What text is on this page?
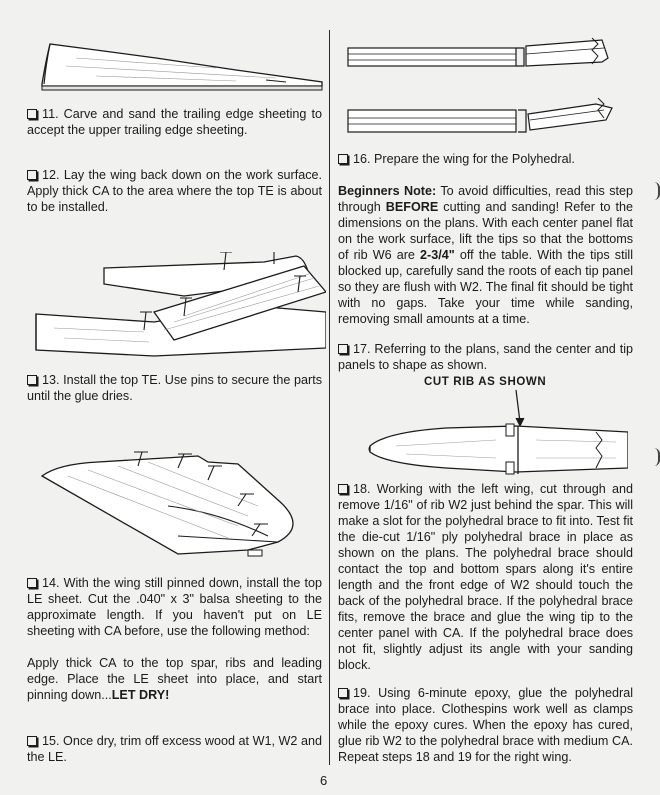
11. Carve and sand the trailing edge sheeting to accept the upper trailing edge sheeting.

12. Lay the wing back down on the work surface. Apply thick CA to the area where the top TE is about to be installed.

13. Install the top TE. Use pins to secure the parts until the glue dries.

14. With the wing still pinned down, install the top LE sheet. Cut the .040" x 3" balsa sheeting to the approximate length. If you haven't put on LE sheeting with CA before, use the following method:

Apply thick CA to the top spar, ribs and leading edge. Place the LE sheet into place, and start pinning down...LET DRY!

15. Once dry, trim off excess wood at W1, W2 and the LE.

16. Prepare the wing for the Polyhedral.

Beginners Note: To avoid difficulties, read this step through BEFORE cutting and sanding! Refer to the dimensions on the plans. With each center panel flat on the work surface, lift the tips so that the bottoms of rib W6 are 2-3/4" off the table. With the tips still blocked up, carefully sand the roots of each tip panel so they are flush with W2. The final fit should be tight with no gaps. Take your time while sanding, removing small amounts at a time.

17. Referring to the plans, sand the center and tip panels to shape as shown.

CUT RIB AS SHOWN

18. Working with the left wing, cut through and remove 1/16" of rib W2 just behind the spar. This will make a slot for the polyhedral brace to fit into. Test fit the die-cut 1/16" ply polyhedral brace in place as shown on the plans. The polyhedral brace should contact the top and bottom spars along it's entire length and the front edge of W2 should touch the back of the polyhedral brace. If the polyhedral brace fits, remove the brace and glue the wing tip to the center panel with CA. If the polyhedral brace does not fit, slightly adjust its angle with your sanding block.

19. Using 6-minute epoxy, glue the polyhedral brace into place. Clothespins work well as clamps while the epoxy cures. When the epoxy has cured, glue rib W2 to the polyhedral brace with medium CA. Repeat steps 18 and 19 for the right wing.

6
